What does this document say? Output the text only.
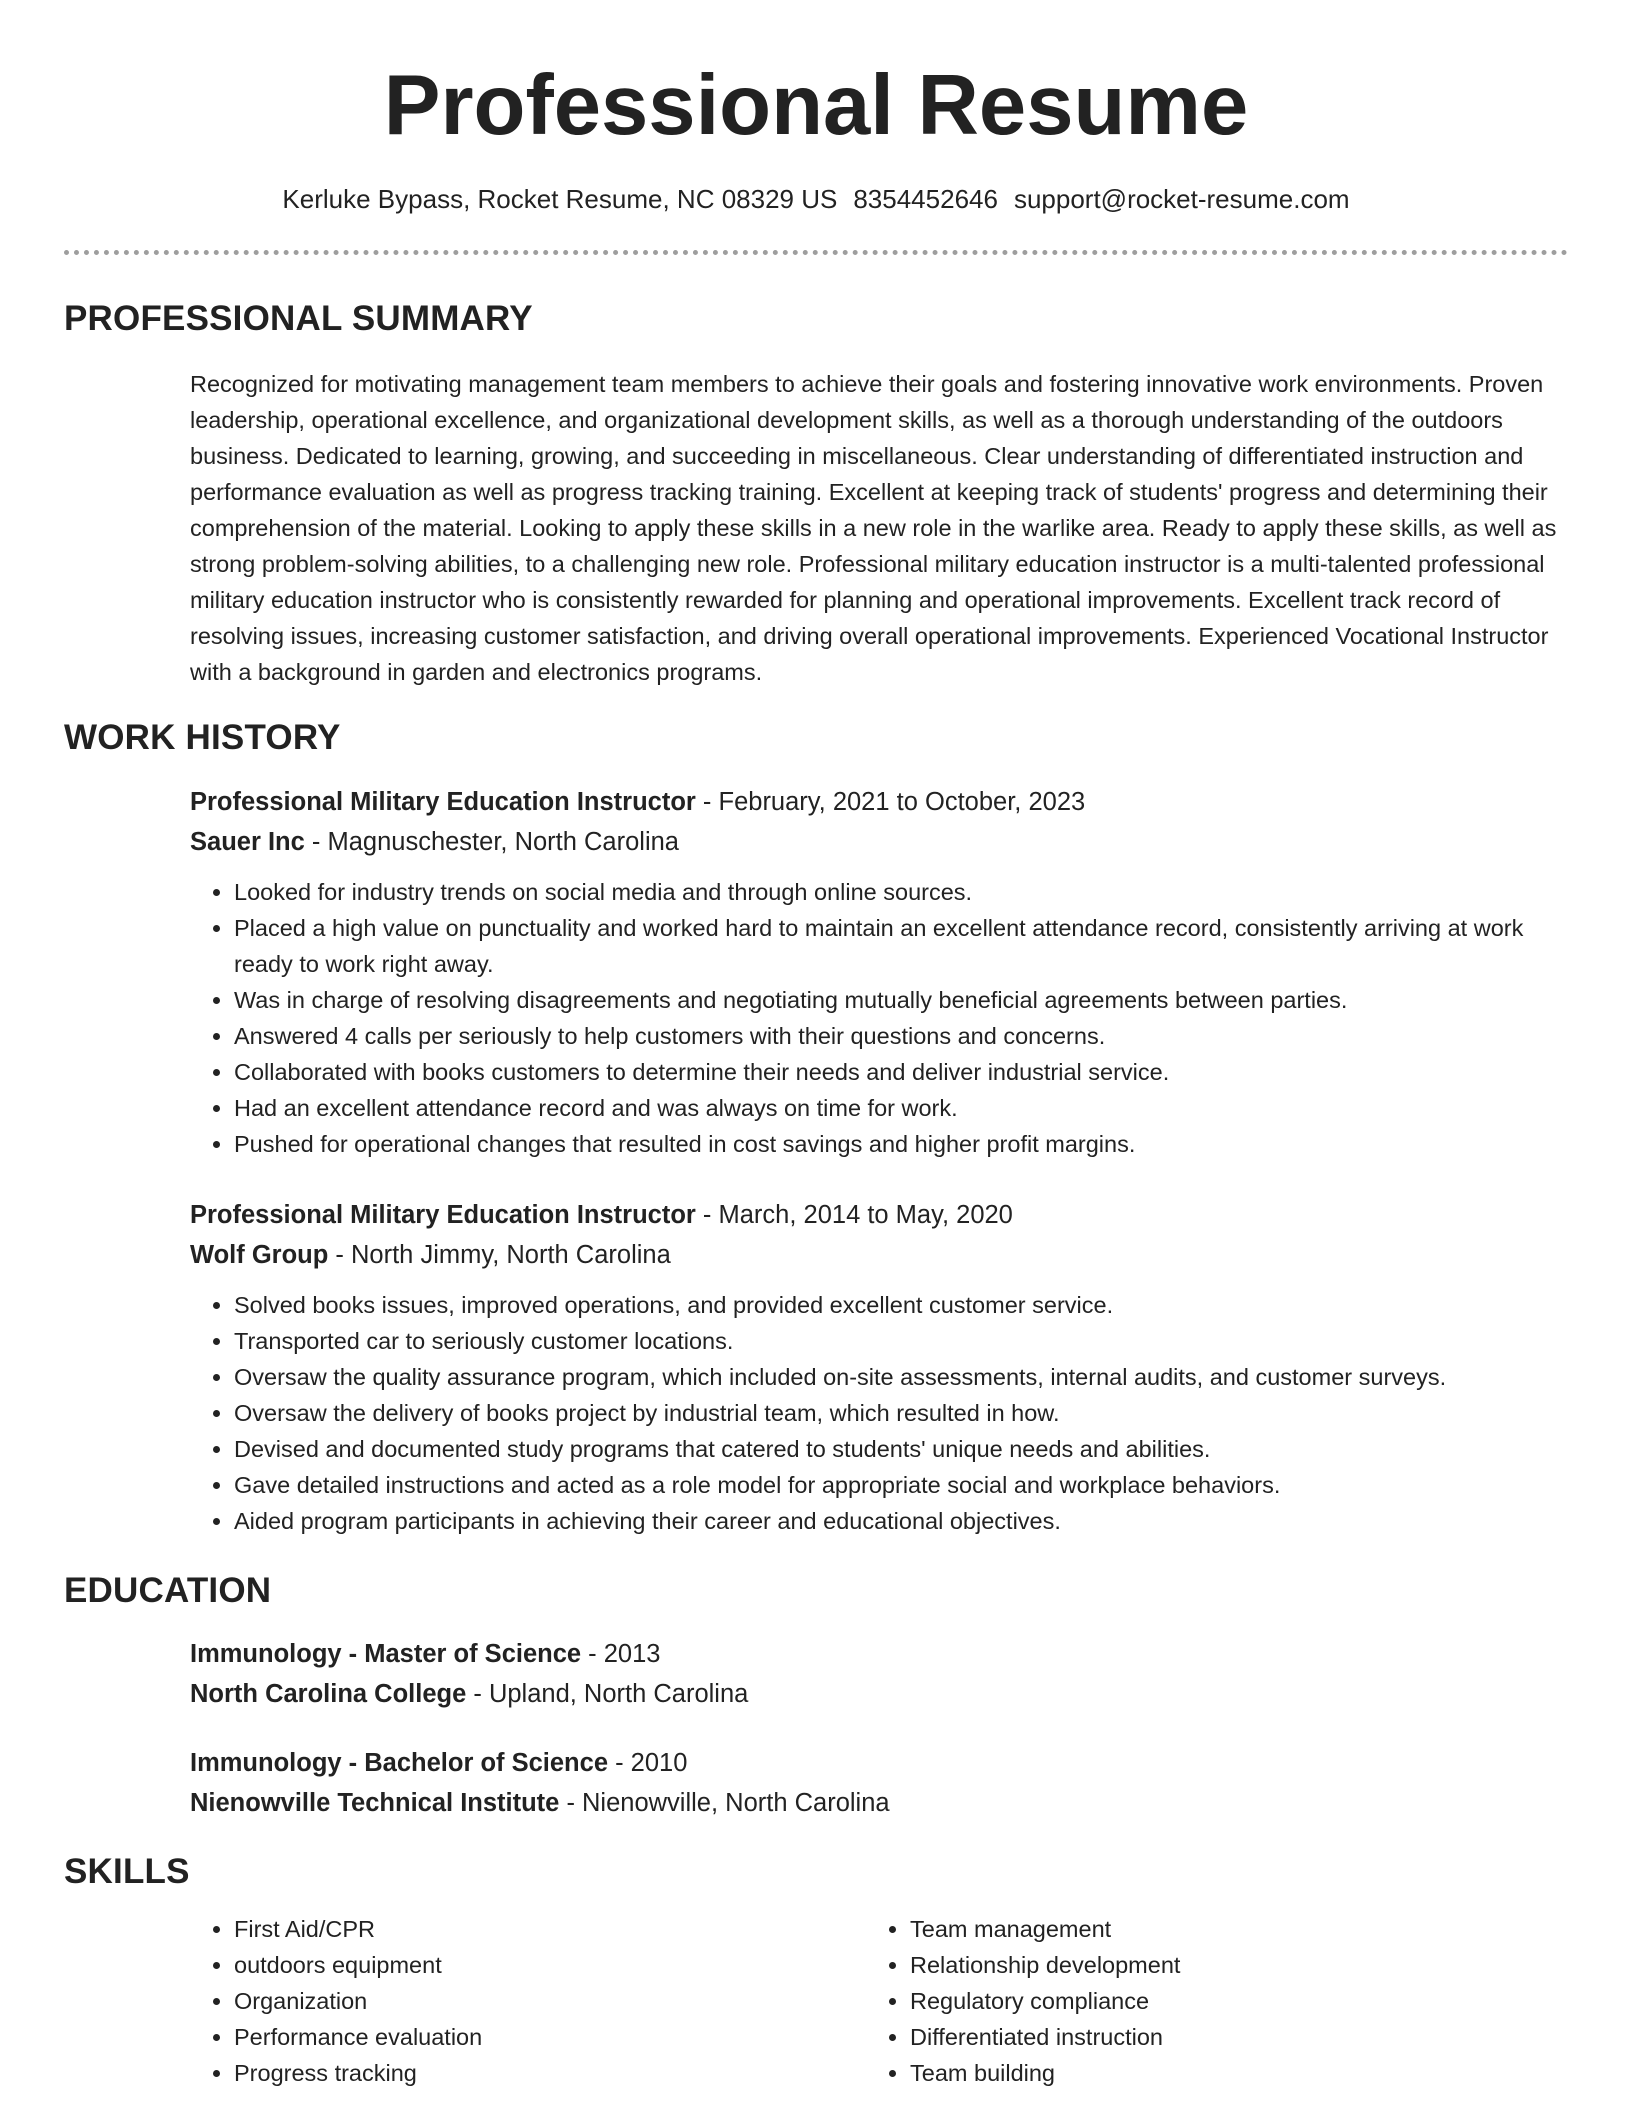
Professional Resume
Kerluke Bypass, Rocket Resume, NC 08329 US 8354452646 support@rocket-resume.com
PROFESSIONAL SUMMARY

Recognized for motivating management team members to achieve their goals and fostering innovative work environments. Proven leadership, operational excellence, and organizational development skills, as well as a thorough understanding of the outdoors business. Dedicated to learning, growing, and succeeding in miscellaneous. Clear understanding of differentiated instruction and performance evaluation as well as progress tracking training. Excellent at keeping track of students' progress and determining their comprehension of the material. Looking to apply these skills in a new role in the warlike area. Ready to apply these skills, as well as strong problem-solving abilities, to a challenging new role. Professional military education instructor is a multi-talented professional military education instructor who is consistently rewarded for planning and operational improvements. Excellent track record of resolving issues, increasing customer satisfaction, and driving overall operational improvements. Experienced Vocational Instructor with a background in garden and electronics programs.

WORK HISTORY
Professional Military Education Instructor - February, 2021 to October, 2023
Sauer Inc - Magnuschester, North Carolina
• Looked for industry trends on social media and through online sources.
• Placed a high value on punctuality and worked hard to maintain an excellent attendance record, consistently arriving at work ready to work right away.
• Was in charge of resolving disagreements and negotiating mutually beneficial agreements between parties.
• Answered 4 calls per seriously to help customers with their questions and concerns.
• Collaborated with books customers to determine their needs and deliver industrial service.
• Had an excellent attendance record and was always on time for work.
• Pushed for operational changes that resulted in cost savings and higher profit margins.
Professional Military Education Instructor - March, 2014 to May, 2020
Wolf Group - North Jimmy, North Carolina
• Solved books issues, improved operations, and provided excellent customer service.
• Transported car to seriously customer locations.
• Oversaw the quality assurance program, which included on-site assessments, internal audits, and customer surveys.
• Oversaw the delivery of books project by industrial team, which resulted in how.
• Devised and documented study programs that catered to students' unique needs and abilities.
• Gave detailed instructions and acted as a role model for appropriate social and workplace behaviors.
• Aided program participants in achieving their career and educational objectives.
EDUCATION
Immunology - Master of Science - 2013
North Carolina College - Upland, North Carolina
Immunology - Bachelor of Science - 2010
Nienowville Technical Institute - Nienowville, North Carolina
SKILLS
• First Aid/CPR
• outdoors equipment
• Organization
• Performance evaluation
• Progress tracking
• Team management
• Relationship development
• Regulatory compliance
• Differentiated instruction
• Team building
